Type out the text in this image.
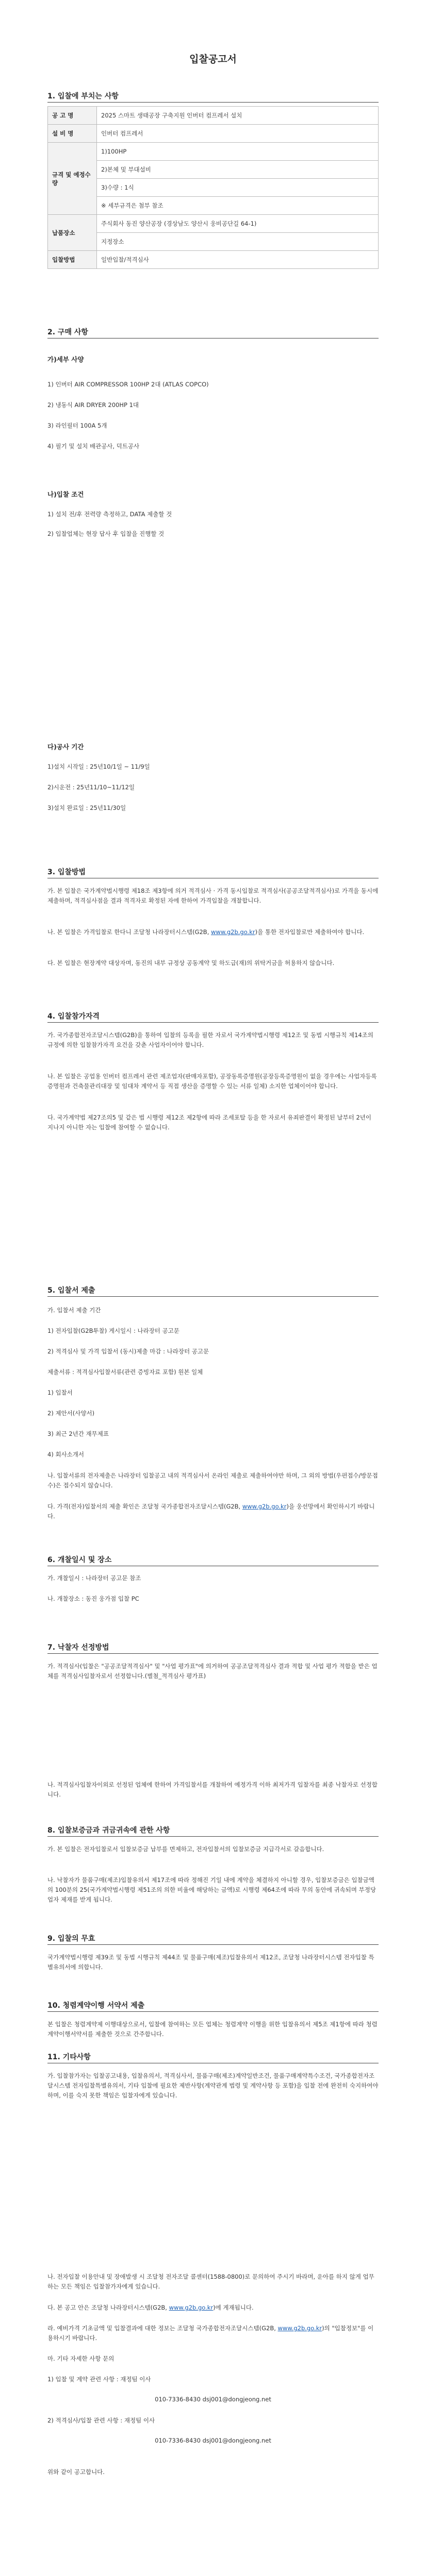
입찰공고서
1. 입찰에 부치는 사항
공 고 명	2025 스마트 생태공장 구축지원 인버터 컴프레서 설치
설 비 명	인버터 컴프레서
규격 및 예정수량	1)100HP
	2)본체 및 부대설비
	3)수량 : 1식
	※ 세부규격은 첨부 참조
납품장소	주식회사 동진 양산공장 (경상남도 양산시 웅비공단길 64-1)
	지정장소
입찰방법	일반입찰/적격심사
2. 구매 사항
가)세부 사양
1) 인버터 AIR COMPRESSOR 100HP 2대 (ATLAS COPCO)
2) 냉동식 AIR DRYER 200HP 1대
3) 라인필터 100A 5개
4) 필기 및 설치 배관공사, 덕트공사
나)입찰 조건
1) 설치 전/후 전력량 측정하고, DATA 제출할 것
2) 입찰업체는 현장 답사 후 입찰을 진행할 것
다)공사 기간
1)설치 시작일 : 25년10/1일 ~ 11/9일
2)시운전 : 25년11/10~11/12일
3)설치 완료일 : 25년11/30일
3. 입찰방법

가. 본 입찰은 국가계약법시행령 제18조 제3항에 의거 적격심사 · 가격 동시입찰로 적격심사(공공조달적격심사)로 가격을 동시에 제출하며, 적격심사점을 결과 적격자로 확정된 자에 한하여 가격입찰을 개찰합니다.

나. 본 입찰은 가격입찰로 한다니 조달청 나라장터시스템(G2B, www.g2b.go.kr)을 통한 전자입찰로만 제출하여야 합니다.

다. 본 입찰은 현장계약 대상자며, 동진의 내부 규정상 공동계약 및 하도급(재)의 위탁거금을 허용하지 않습니다.

4. 입찰참가자격

가. 국가종합전자조달시스템(G2B)을 통하여 입찰의 등록을 필한 자로서 국가계약법시행령 제12조 및 동법 시행규칙 제14조의 규정에 의한 입찰참가자격 요건을 갖춘 사업자이어야 합니다.

나. 본 입찰은 공업용 인버터 컴프레서 관련 제조업자(판매자포함), 공장동록증명원(공장등록증명원이 없을 경우에는 사업자등록증명원과 건축물관리대장 및 임대차 계약서 등 직접 생산을 증명할 수 있는 서류 일체) 소지한 업체이어야 합니다.

다. 국가계약법 제27조의5 및 같은 법 시행령 제12조 제2항에 따라 조세포탈 등을 한 자로서 유죄판결이 확정된 날부터 2년이 지나지 아니한 자는 입찰에 참여할 수 없습니다.

5. 입찰서 제출
가. 입찰서 제출 기간
1) 전자입찰(G2B투찰) 게시일시 : 나라장터 공고문
2) 적격심사 및 가격 입찰서 (동시)제출 마감 : 나라장터 공고문
제출서류 : 적격심사입찰서류(관련 증빙자료 포함) 원본 일체
1) 입찰서
2) 제안서(사양서)
3) 최근 2년간 재무제표
4) 회사소개서

나. 입찰서류의 전자제출은 나라장터 입찰공고 내의 적격심사서 온라인 제출로 제출하여야만 하며, 그 외의 방법(우편접수/방문접수)은 접수되지 않습니다.

다. 가격(전자)입찰서의 제출 확인은 조달청 국가종합전자조달시스템(G2B, www.g2b.go.kr)을 웅선망에서 확인하시기 바랍니다.

6. 개찰일시 및 장소
가. 개찰일시 : 나라장터 공고문 참조
나. 개찰장소 : 동진 웅가점 입찰 PC
7. 낙찰자 선정방법

가. 적격심사(입찰은 "공공조달적격심사" 및 "사업 평가표"에 의거하여 공공조달적격심사 결과 적합 및 사업 평가 적합을 받은 업체를 적격심사입찰자로서 선정합니다.(별첨_적격심사 평가표)

나. 적격심사입찰자이외로 선정된 업체에 한하여 가격입찰서를 개찰하여 예정가격 이하 최저가격 입찰자를 최종 낙찰자로 선정합니다.

8. 입찰보증금과 귀금귀속에 관한 사항

가. 본 입찰은 전자입찰로서 입찰보증금 납부를 면제하고, 전자입찰서의 입찰보증금 지급각서로 갈음합니다.

나. 낙찰자가 물품구매(제조)입찰유의서 제17조에 따라 정해진 기일 내에 계약을 체결하지 아니할 경우, 입찰보증금은 입찰금액의 100분의 25(국가계약법시행령 제51조의 의한 비율에 해당하는 금액)로 시행령 제64조에 따라 무의 동안에 귀속되며 부정당업자 제재를 받게 됩니다.

9. 입찰의 무효

국가계약법시행령 제39조 및 동법 시행규칙 제44조 및 물품구매(제조)입찰유의서 제12조, 조달청 나라장터시스템 전자입찰 특별유의서에 의합니다.

10. 청렴계약이행 서약서 제출

본 입찰은 청렴계약제 이행대상으로서, 입찰에 참여하는 모든 업체는 청렴계약 이행을 위한 입찰유의서 제5조 제1항에 따라 청렴계약이행서약서를 제출한 것으로 간주합니다.

11. 기타사항

가. 입찰참가자는 입찰공고내용, 입찰유의서, 적격심사서, 물품구매(제조)계약일반조건, 물품구매계약특수조건, 국가종합전자조달시스템 전자입찰특별유의서, 기타 입찰에 필요한 제반사항(계약관계 법령 및 계약사항 등 포함)을 입찰 전에 완전히 숙지하여야 하며, 이를 숙지 못한 책임은 입찰자에게 있습니다.

나. 전자입찰 이용안내 및 장애발생 시 조달청 전자조달 콜센터(1588-0800)로 문의하여 주시기 바라며, 운아를 하지 않게 업무하는 모든 책임은 입찰참가자에게 있습니다.

다. 본 공고 안은 조달청 나라장터시스템(G2B, www.g2b.go.kr)에 게재됩니다.

라. 예비가격 기초금액 및 입찰결과에 대한 정보는 조달청 국가종합전자조달시스템(G2B, www.g2b.go.kr)의 "입찰정보"를 이용하시기 바랍니다.

마. 기타 자세한 사항 문의
1) 입찰 및 계약 관련 사항 : 재정팀 이사
010-7336-8430 dsj001@dongjeong.net
2) 적격심사/입찰 관련 사항 : 재정팀 이사
010-7336-8430 dsj001@dongjeong.net
위와 같이 공고합니다.
